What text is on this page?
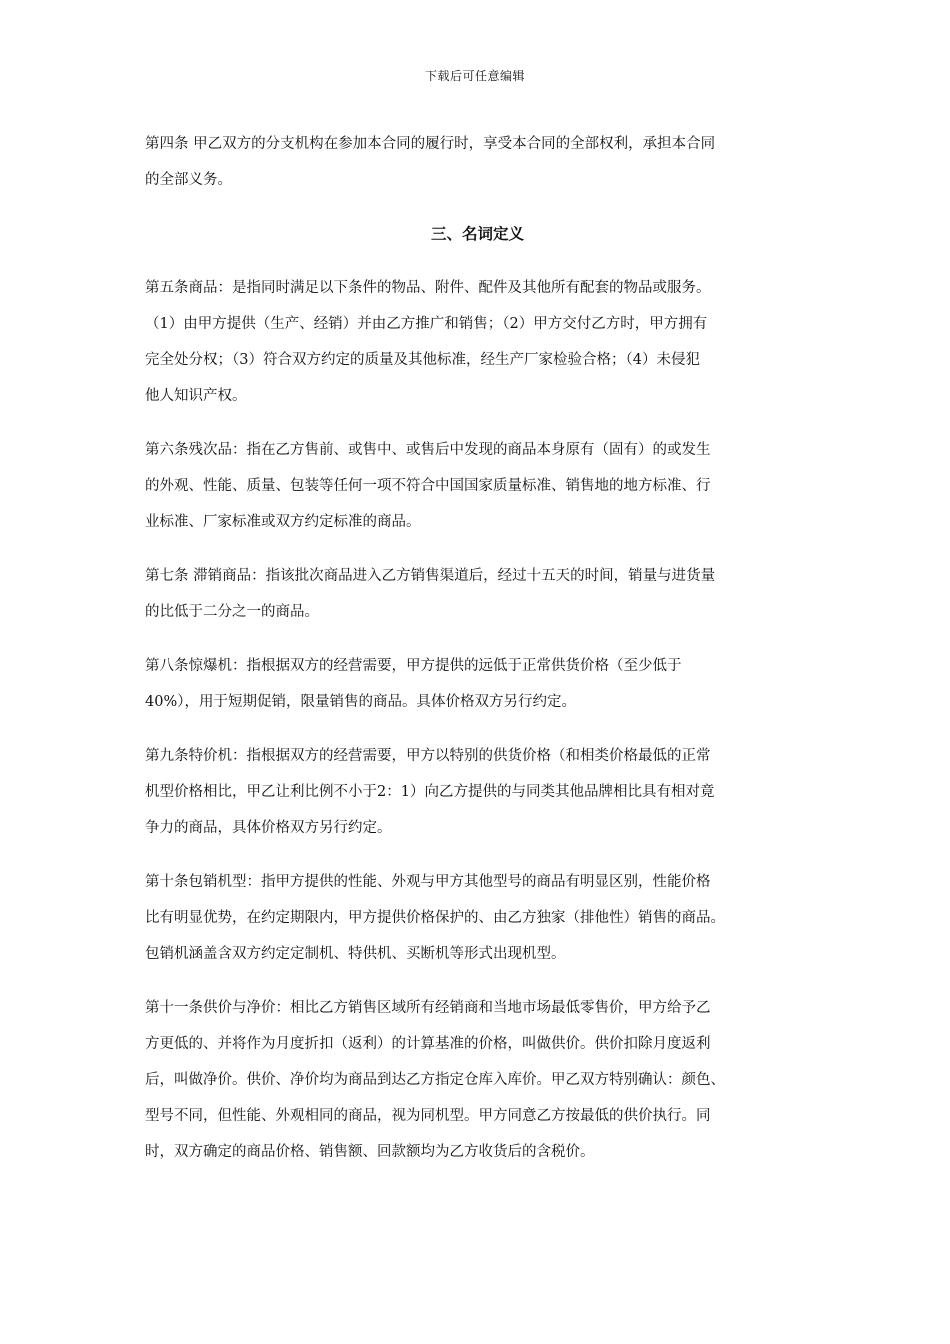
下载后可任意编辑

第四条 甲乙双方的分支机构在参加本合同的履行时，享受本合同的全部权利，承担本合同
的全部义务。

三、名词定义

第五条商品：是指同时满足以下条件的物品、附件、配件及其他所有配套的物品或服务。
（1）由甲方提供（生产、经销）并由乙方推广和销售；（2）甲方交付乙方时，甲方拥有
完全处分权；（3）符合双方约定的质量及其他标准，经生产厂家检验合格；（4）未侵犯
他人知识产权。

第六条残次品：指在乙方售前、或售中、或售后中发现的商品本身原有（固有）的或发生
的外观、性能、质量、包装等任何一项不符合中国国家质量标准、销售地的地方标准、行
业标准、厂家标准或双方约定标准的商品。

第七条 滞销商品：指该批次商品进入乙方销售渠道后，经过十五天的时间，销量与进货量
的比低于二分之一的商品。

第八条惊爆机：指根据双方的经营需要，甲方提供的远低于正常供货价格（至少低于
40%），用于短期促销，限量销售的商品。具体价格双方另行约定。

第九条特价机：指根据双方的经营需要，甲方以特别的供货价格（和相类价格最低的正常
机型价格相比，甲乙让利比例不小于2：1）向乙方提供的与同类其他品牌相比具有相对竟
争力的商品，具体价格双方另行约定。

第十条包销机型：指甲方提供的性能、外观与甲方其他型号的商品有明显区别，性能价格
比有明显优势，在约定期限内，甲方提供价格保护的、由乙方独家（排他性）销售的商品。
包销机涵盖含双方约定定制机、特供机、买断机等形式出现机型。

第十一条供价与净价：相比乙方销售区域所有经销商和当地市场最低零售价，甲方给予乙
方更低的、并将作为月度折扣（返利）的计算基准的价格，叫做供价。供价扣除月度返利
后，叫做净价。供价、净价均为商品到达乙方指定仓库入库价。甲乙双方特别确认：颜色、
型号不同，但性能、外观相同的商品，视为同机型。甲方同意乙方按最低的供价执行。同
时，双方确定的商品价格、销售额、回款额均为乙方收货后的含税价。
